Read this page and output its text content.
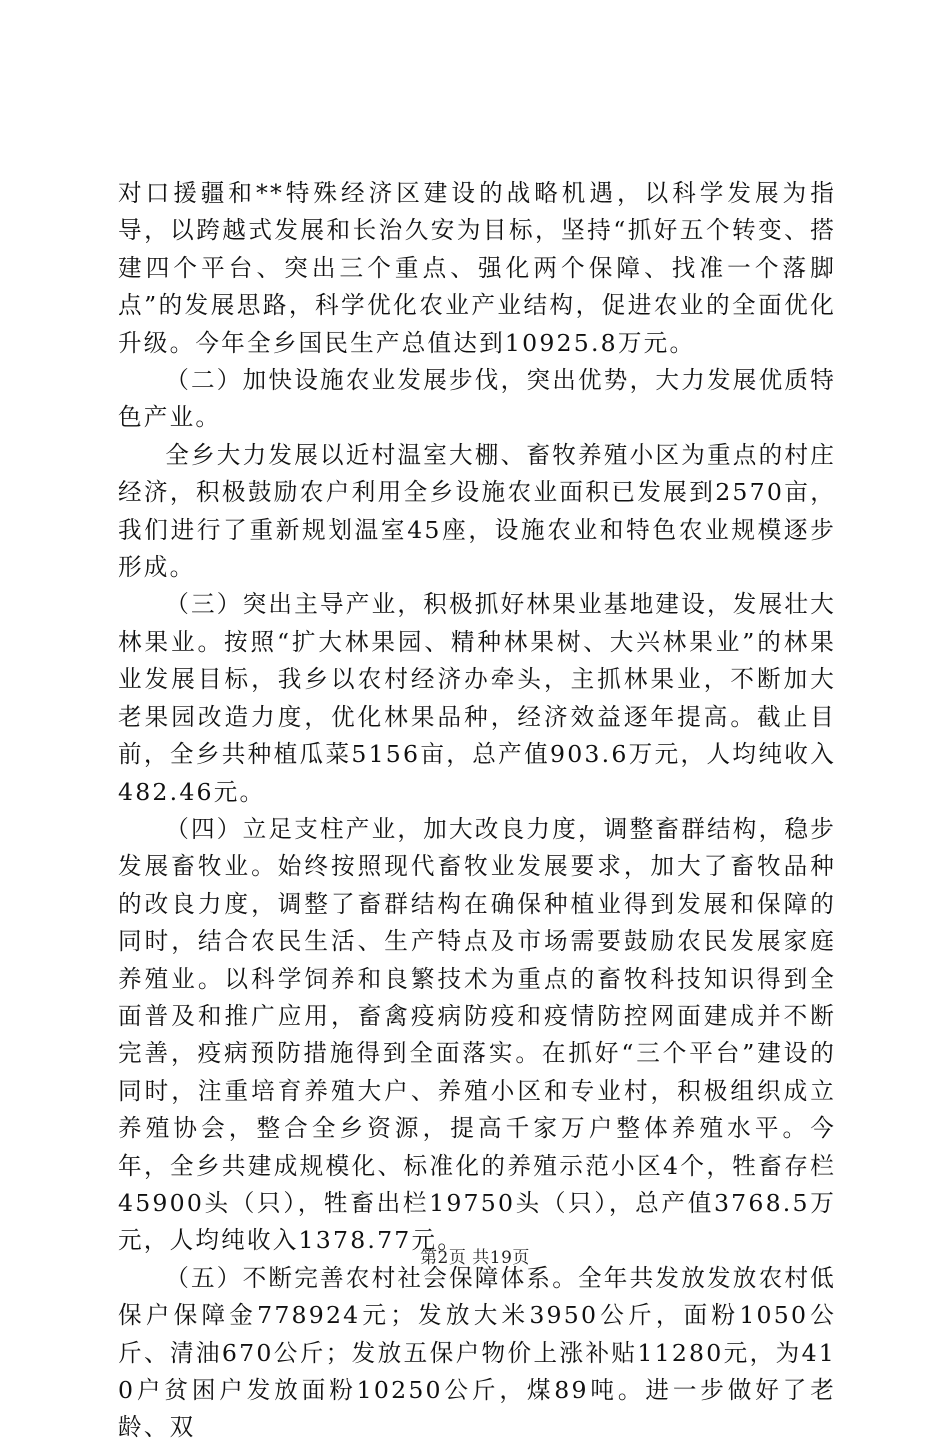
对口援疆和**特殊经济区建设的战略机遇，以科学发展为指导，以跨越式发展和长治久安为目标，坚持“抓好五个转变、搭建四个平台、突出三个重点、强化两个保障、找准一个落脚点”的发展思路，科学优化农业产业结构，促进农业的全面优化升级。今年全乡国民生产总值达到10925.8万元。

（二）加快设施农业发展步伐，突出优势，大力发展优质特色产业。

全乡大力发展以近村温室大棚、畜牧养殖小区为重点的村庄经济，积极鼓励农户利用全乡设施农业面积已发展到2570亩，我们进行了重新规划温室45座，设施农业和特色农业规模逐步形成。

（三）突出主导产业，积极抓好林果业基地建设，发展壮大林果业。按照“扩大林果园、精种林果树、大兴林果业”的林果业发展目标，我乡以农村经济办牵头，主抓林果业，不断加大老果园改造力度，优化林果品种，经济效益逐年提高。截止目前，全乡共种植瓜菜5156亩，总产值903.6万元，人均纯收入482.46元。

（四）立足支柱产业，加大改良力度，调整畜群结构，稳步发展畜牧业。始终按照现代畜牧业发展要求，加大了畜牧品种的改良力度，调整了畜群结构在确保种植业得到发展和保障的同时，结合农民生活、生产特点及市场需要鼓励农民发展家庭养殖业。以科学饲养和良繁技术为重点的畜牧科技知识得到全面普及和推广应用，畜禽疫病防疫和疫情防控网面建成并不断完善，疫病预防措施得到全面落实。在抓好“三个平台”建设的同时，注重培育养殖大户、养殖小区和专业村，积极组织成立养殖协会，整合全乡资源，提高千家万户整体养殖水平。今年，全乡共建成规模化、标准化的养殖示范小区4个，牲畜存栏45900头（只），牲畜出栏19750头（只），总产值3768.5万元，人均纯收入1378.77元。

（五）不断完善农村社会保障体系。全年共发放发放农村低保户保障金778924元；发放大米3950公斤，面粉1050公斤、清油670公斤；发放五保户物价上涨补贴11280元，为410户贫困户发放面粉10250公斤，煤89吨。进一步做好了老龄、双

第2页 共19页
